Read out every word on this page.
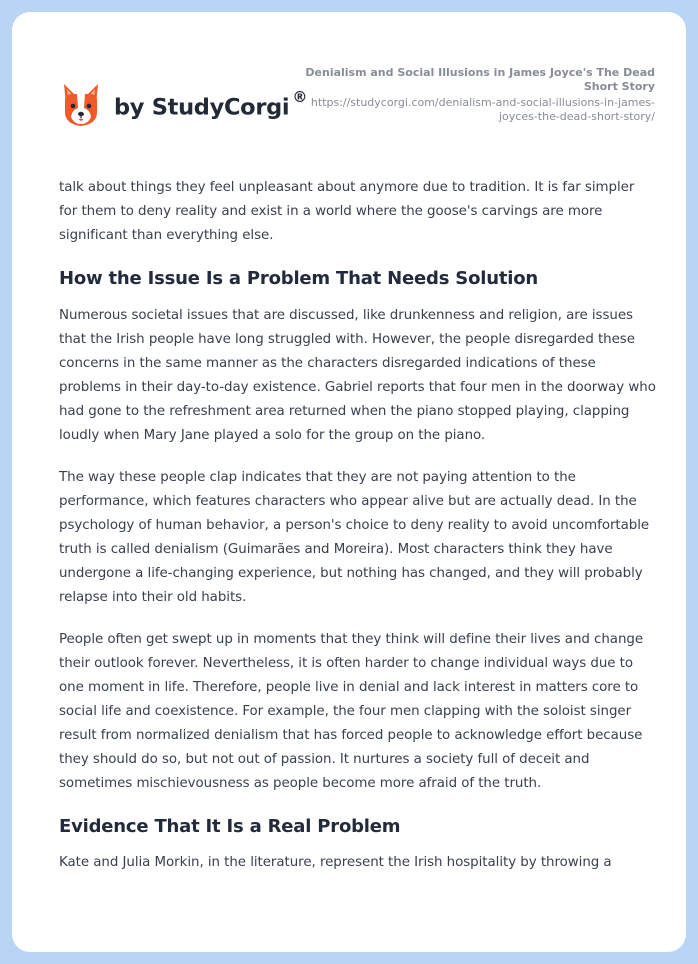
by StudyCorgi ®
Denialism and Social Illusions in James Joyce's The Dead Short Story
https://studycorgi.com/denialism-and-social-illusions-in-james-joyces-the-dead-short-story/

talk about things they feel unpleasant about anymore due to tradition. It is far simpler for them to deny reality and exist in a world where the goose's carvings are more significant than everything else.

How the Issue Is a Problem That Needs Solution

Numerous societal issues that are discussed, like drunkenness and religion, are issues that the Irish people have long struggled with. However, the people disregarded these concerns in the same manner as the characters disregarded indications of these problems in their day-to-day existence. Gabriel reports that four men in the doorway who had gone to the refreshment area returned when the piano stopped playing, clapping loudly when Mary Jane played a solo for the group on the piano.

The way these people clap indicates that they are not paying attention to the performance, which features characters who appear alive but are actually dead. In the psychology of human behavior, a person's choice to deny reality to avoid uncomfortable truth is called denialism (Guimarães and Moreira). Most characters think they have undergone a life-changing experience, but nothing has changed, and they will probably relapse into their old habits.

People often get swept up in moments that they think will define their lives and change their outlook forever. Nevertheless, it is often harder to change individual ways due to one moment in life. Therefore, people live in denial and lack interest in matters core to social life and coexistence. For example, the four men clapping with the soloist singer result from normalized denialism that has forced people to acknowledge effort because they should do so, but not out of passion. It nurtures a society full of deceit and sometimes mischievousness as people become more afraid of the truth.

Evidence That It Is a Real Problem

Kate and Julia Morkin, in the literature, represent the Irish hospitality by throwing a
